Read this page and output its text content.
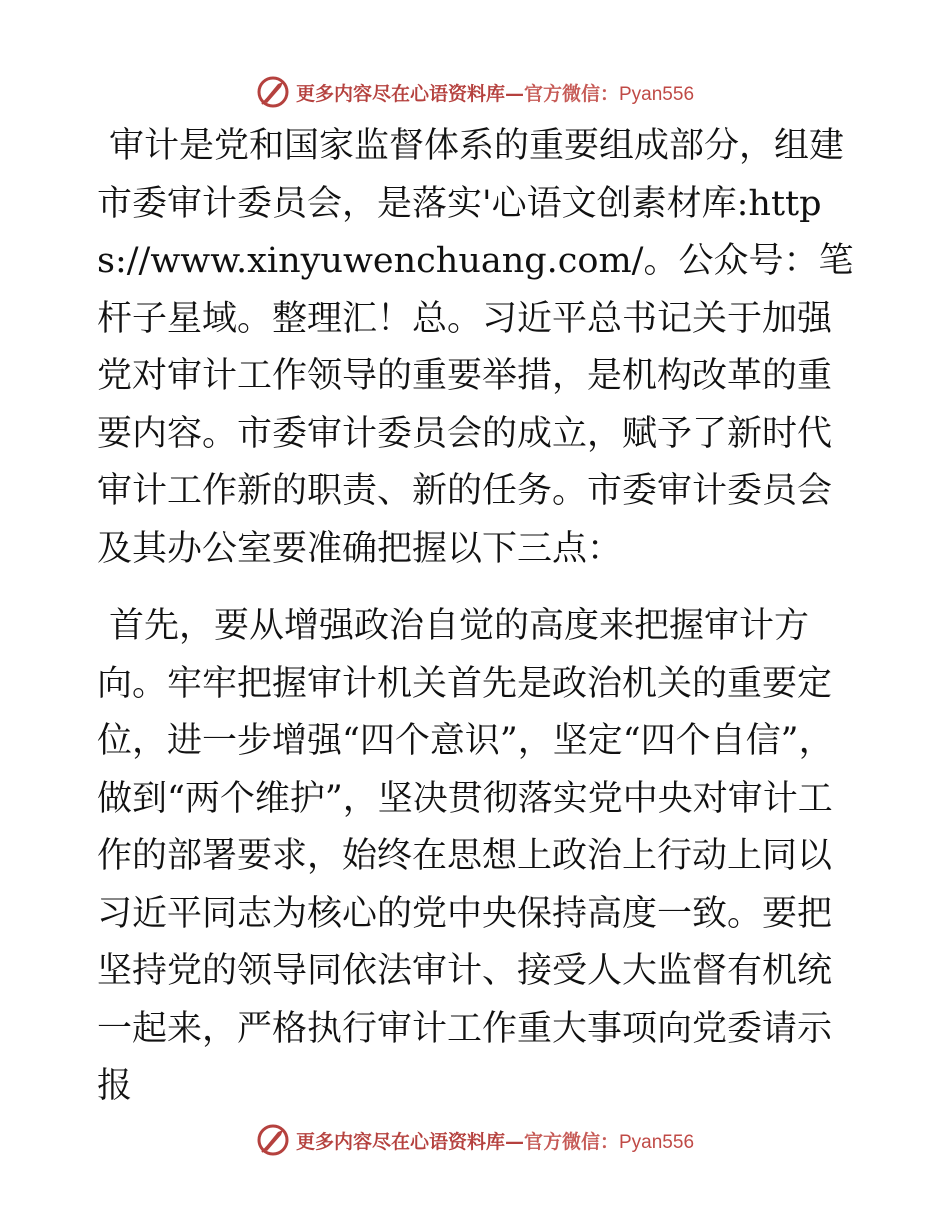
更多内容尽在心语资料库—官方微信：Pyan556

审计是党和国家监督体系的重要组成部分，组建市委审计委员会，是落实'心语文创素材库:https://www.xinyuwenchuang.com/。公众号：笔杆子星域。整理汇！总。习近平总书记关于加强党对审计工作领导的重要举措，是机构改革的重要内容。市委审计委员会的成立，赋予了新时代审计工作新的职责、新的任务。市委审计委员会及其办公室要准确把握以下三点：

首先，要从增强政治自觉的高度来把握审计方向。牢牢把握审计机关首先是政治机关的重要定位，进一步增强“四个意识”，坚定“四个自信”，做到“两个维护”，坚决贯彻落实党中央对审计工作的部署要求，始终在思想上政治上行动上同以习近平同志为核心的党中央保持高度一致。要把坚持党的领导同依法审计、接受人大监督有机统一起来，严格执行审计工作重大事项向党委请示报

更多内容尽在心语资料库—官方微信：Pyan556
